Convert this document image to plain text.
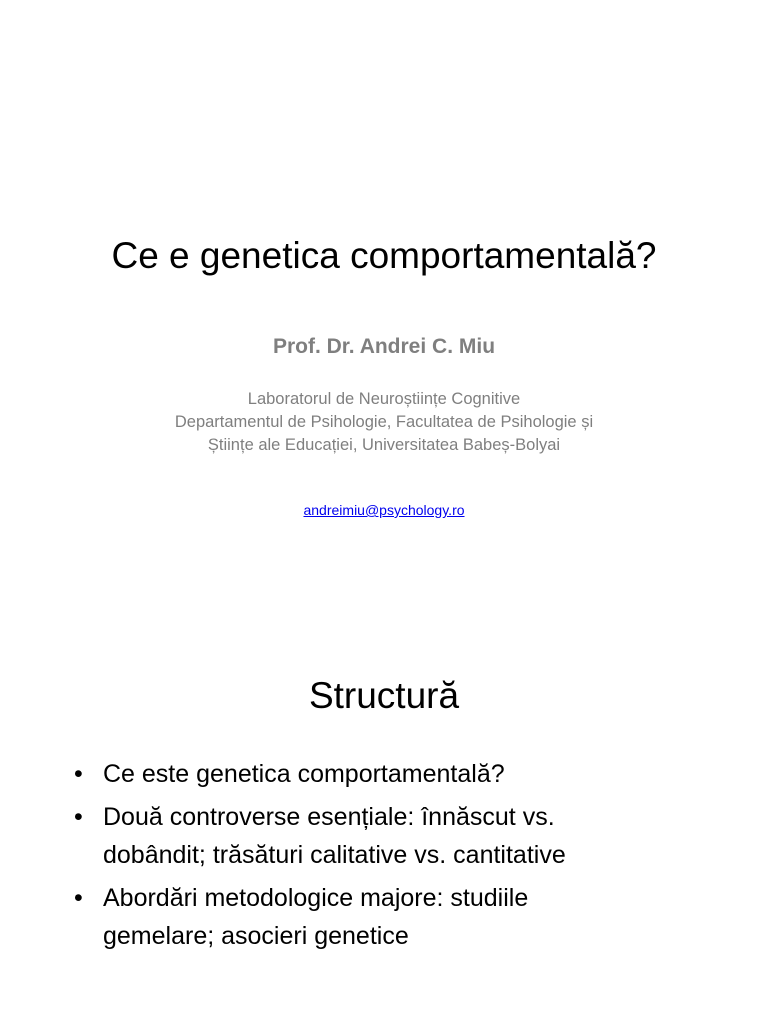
Ce e genetica comportamentală?
Prof. Dr. Andrei C. Miu
Laboratorul de Neuroștiințe Cognitive
Departamentul de Psihologie, Facultatea de Psihologie și
Științe ale Educației, Universitatea Babeș-Bolyai
andreimiu@psychology.ro
Structură
• Ce este genetica comportamentală?
• Două controverse esențiale: înnăscut vs.
dobândit; trăsături calitative vs. cantitative
• Abordări metodologice majore: studiile
gemelare; asocieri genetice
